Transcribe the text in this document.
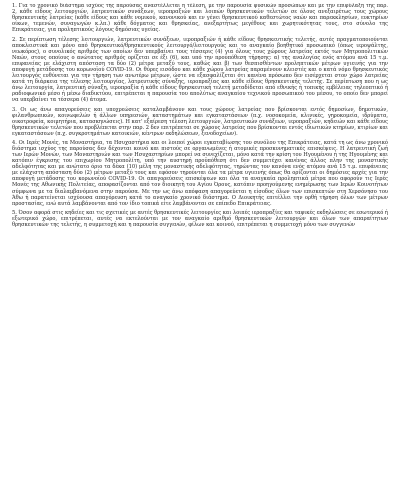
1. Για το χρονικό διάστημα ισχύος της παρούσας αναστέλλεται η τέλεση, με την παρουσία φυσικών προσώπων και με την επιφύλαξη της παρ. 2, κάθε είδους λειτουργιών, λατρευτικών συνάξεων, ιεροπραξιών και λοιπών θρησκευτικών τελετών σε όλους ανεξαιρέτως τους χώρους θρησκευτικής λατρείας (κάθε είδους και κάθε νομικού, κανονικού και εν γένει θρησκευτικού καθεστώτος ναών και παρεκκλησίων, ευκτηρίων οίκων, τεμενών, συναγωγών κ.λπ.) κάθε δόγματος και θρησκείας, ανεξαρτήτως μεγέθους και χωρητικότητας τους, στο σύνολο της Επικράτειας, για προληπτικούς λόγους δημόσιας υγείας.

2. Σε περίπτωση τέλεσης λειτουργιών, λατρευτικών συνάξεων, ιεροπραξιών ή κάθε είδους θρησκευτικής τελετής, αυτές πραγματοποιούνται αποκλειστικά και μόνο από θρησκευτικό/θρησκευτικούς λειτουργό/λειτουργούς και το αναγκαίο βοηθητικό προσωπικό (όπως ιεροψάλτης, νεωκόρος), ο συνολικός αριθμός των οποίων δεν υπερβαίνει τους τέσσερις (4) για όλους τους χώρους λατρείας εκτός των Μητροπολιτικών Ναών, στους οποίους ο ανώτατος αριθμός ορίζεται σε έξι (6), και υπό την προϋπόθεση τήρησης: α) της αναλογίας ενός ατόμου ανά 15 τ.μ. επιφανείας με ελάχιστη απόσταση τα δύο (2) μέτρα μεταξύ τους, καθώς και β) των θεσπισθέντων προληπτικών μέτρων υγιεινής για την αποφυγή μετάδοσης του κορωνοϊού COVID-19. Οι θύρες εισόδου και κάθε χώρου λατρείας παραμένουν κλειστές και ο κατά νόμο θρησκευτικός λειτουργός ευθύνεται για την τήρηση των ανωτέρω μέτρων, ώστε να εξασφαλίζεται ότι κανένα πρόσωπο δεν εισέρχεται στον χώρο λατρείας κατά τη διάρκεια της τέλεσης λειτουργίας, λατρευτικής σύναξης, ιεροπραξίας και κάθε είδους θρησκευτικής τελετής. Σε περίπτωση που η ως άνω λειτουργία, λατρευτική σύναξη, ιεροπραξία ή κάθε είδους θρησκευτική τελετή μεταδίδεται από εθνικής ή τοπικής εμβέλειας τηλεοπτικό ή ραδιοφωνικό μέσο ή μέσω διαδικτύου, επιτρέπεται η παρουσία του απολύτως αναγκαίου τεχνικού προσωπικού του μέσου, το οποίο δεν μπορεί να υπερβαίνει τα τέσσερα (4) άτομα.

3. Οι ως άνω απαγορεύσεις και υποχρεώσεις καταλαμβάνουν και τους χώρους λατρείας που βρίσκονται εντός δημοσίων, δημοτικών, φιλανθρωπικών, κοινωφελών ή άλλων υπηρεσιών, καταστημάτων και εγκαταστάσεων (π.χ. νοσοκομεία, κλινικές, γηροκομεία, ιδρύματα, οικοτροφεία, κοιμητήρια, κατασκηνώσεις). Η κατ' εξαίρεση τέλεση λειτουργιών, λατρευτικών συνάξεων, ιεροπραξιών, κηδειών και κάθε είδους θρησκευτικών τελετών που προβλέπεται στην παρ. 2 δεν επιτρέπεται σε χώρους λατρείας που βρίσκονται εντός ιδιωτικών κτηρίων, κτιρίων και εγκαταστάσεων (π.χ. συγκροτημάτων κατοικιών, κέντρων εκδηλώσεων, ξενοδοχείων).

4. Οι Ιερές Μονές, τα Μοναστήρια, τα Ησυχαστήρια και οι λοιποί χώροι εγκαταβίωσης του συνόλου της Επικράτειας, κατά τη ως άνω χρονικό διάστημα ισχύος της παρούσας δεν δέχονται κοινό και πιστούς σε οργανωμένες ή ατομικές προσκυνηματικές επισκέψεις. Η λατρευτική ζωή των Ιερών Μονών, των Μοναστηριών και των Ησυχαστηρίων μπορεί να συνεχίζεται, μόνο κατά την κρίση του Ηγουμένου ή της Ηγουμένης και κατόπιν έγκρισης του επιχωρίου Μητροπολίτη, υπό την αυστηρή προϋπόθεση ότι δεν συμμετέχει κανένας άλλος πλην της μοναστικής αδελφότητας και με ανώτατο όριο τα δέκα (10) μέλη της μοναστικής αδελφότητας, τηρώντας τον κανόνα ενός ατόμου ανά 15 τ.μ. επιφάνειας με ελάχιστη απόσταση δύο (2) μέτρων μεταξύ τους και εφόσον τηρούνται όλα τα μέτρα υγιεινής όπως θα ορίζονται οι δημόσιες αρχές για την αποφυγή μετάδοσης του κορωνοϊού COVID-19. Οι απαγορεύσεις επισκέψεων και όλα τα αναγκαία προληπτικά μέτρα που αφορούν τις Ιερές Μονές της Αθωνικής Πολιτείας, αποφασίζονται από τον διοικητή του Αγίου Όρους, κατόπιν προηγούμενης ενημέρωσης των Ιερών Κοινοτήτων σύμφωνα με τα διαλαμβανόμενα στην παρούσα. Με την ως άνω απόφαση απαγορεύεται η είσοδος όλων των επισκεπτών στη Χερσόνησο του Άθω ή παρατείνεται ισχύουσα απαγόρευση κατά το αναγκαίο χρονικό διάστημα. Ο Διοικητής επιτέλλει την ορθή τήρηση όλων των μέτρων προστασίας, ενώ αυτά λαμβάνονται από τον ίδιο τοπικά είτε λαμβάνονται σε επίπεδο Επικράτειας.

5. Όσον αφορά στις κηδείες και τις σχετικές με αυτές θρησκευτικές λειτουργίες και λοιπές ιεροπραξίες και ταφικές εκδηλώσεις σε εσωτερικό ή εξωτερικό χώρο, επιτρέπεται, αυτές να εκτελούνται με τον αναγκαίο αριθμό θρησκευτικών λειτουργών και όλων των απαραίτητων θρησκευτικών της τελετής, η συμμετοχή και η παρουσία συγγενών, φίλων και κοινού, επιτρέπεται η συμμετοχή μόνο των συγγενών
